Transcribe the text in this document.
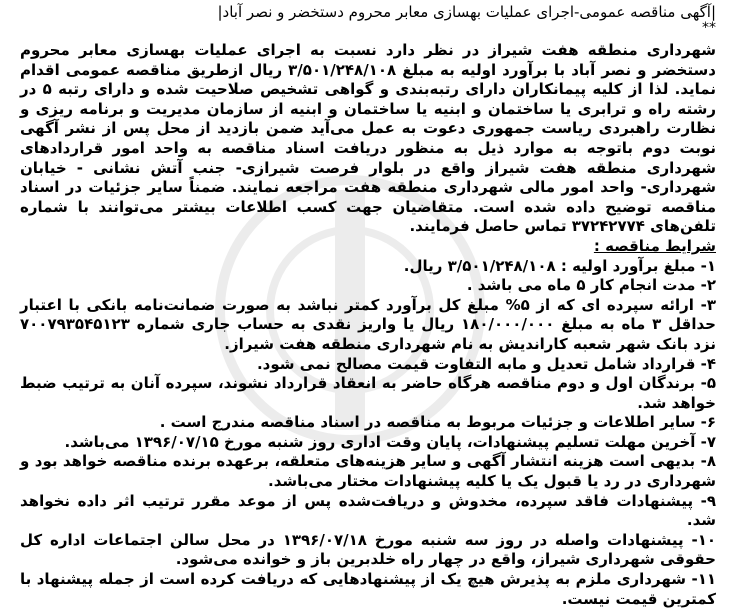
|آگهی مناقصه عمومی-اجرای عملیات بهسازی معابر محروم دستخضر و نصر آباد|
**

شهرداری منطقه هفت شیراز در نظر دارد نسبت به اجرای عملیات بهسازی معابر محروم دستخضر و نصر آباد با برآورد اولیه به مبلغ ۳/۵۰۱/۲۴۸/۱۰۸ ریال ازطریق مناقصه عمومی اقدام نماید. لذا از کلیه پیمانکاران دارای رتبه‌بندی و گواهی تشخیص صلاحیت شده و دارای رتبه ۵ در رشته راه و ترابری یا ساختمان و ابنیه یا ساختمان و ابنیه از سازمان مدیریت و برنامه ریزی و نظارت راهبردی ریاست جمهوری دعوت به عمل می‌آید ضمن بازدید از محل پس از نشر آگهی نوبت دوم باتوجه به موارد ذیل به منظور دریافت اسناد مناقصه به واحد امور قراردادهای شهرداری منطقه هفت شیراز واقع در بلوار فرصت شیرازی- جنب آتش نشانی - خیابان شهرداری- واحد امور مالی شهرداری منطقه هفت مراجعه نمایند. ضمناً سایر جزئیات در اسناد مناقصه توضیح داده شده است. متقاضیان جهت کسب اطلاعات بیشتر می‌توانند با شماره تلفن‌های ۳۷۲۴۲۷۷۴ تماس حاصل فرمایند.

شرایط مناقصه :
۱- مبلغ برآورد اولیه : ۳/۵۰۱/۲۴۸/۱۰۸ ریال.
۲- مدت انجام کار ۵ ماه می باشد .
۳- ارائه سپرده ای که از ۵% مبلغ کل برآورد کمتر نباشد به صورت ضمانت‌نامه بانکی با اعتبار حداقل ۳ ماه به مبلغ ۱۸۰/۰۰۰/۰۰۰ ریال یا واریز نقدی به حساب جاری شماره ۷۰۰۷۹۳۵۴۵۱۲۳ نزد بانک شهر شعبه کاراندیش به نام شهرداری منطقه هفت شیراز.
۴- قرارداد شامل تعدیل و مابه التفاوت قیمت مصالح نمی شود.
۵- برندگان اول و دوم مناقصه هرگاه حاضر به انعقاد قرارداد نشوند، سپرده آنان به ترتیب ضبط خواهد شد.
۶- سایر اطلاعات و جزئیات مربوط به مناقصه در اسناد مناقصه مندرج است .
۷- آخرین مهلت تسلیم پیشنهادات، پایان وقت اداری روز شنبه مورخ ۱۳۹۶/۰۷/۱۵ می‌باشد.
۸- بدیهی است هزینه انتشار آگهی و سایر هزینه‌های متعلقه، برعهده برنده مناقصه خواهد بود و شهرداری در رد یا قبول یک یا کلیه پیشنهادات مختار می‌باشد.
۹- پیشنهادات فاقد سپرده، مخدوش و دریافت‌شده پس از موعد مقرر ترتیب اثر داده نخواهد شد.
۱۰- پیشنهادات واصله در روز سه شنبه مورخ ۱۳۹۶/۰۷/۱۸ در محل سالن اجتماعات اداره کل حقوقی شهرداری شیراز، واقع در چهار راه خلدبرین باز و خوانده می‌شود.
۱۱- شهرداری ملزم به پذیرش هیچ یک از پیشنهادهایی که دریافت کرده است از جمله پیشنهاد با کمترین قیمت نیست.
